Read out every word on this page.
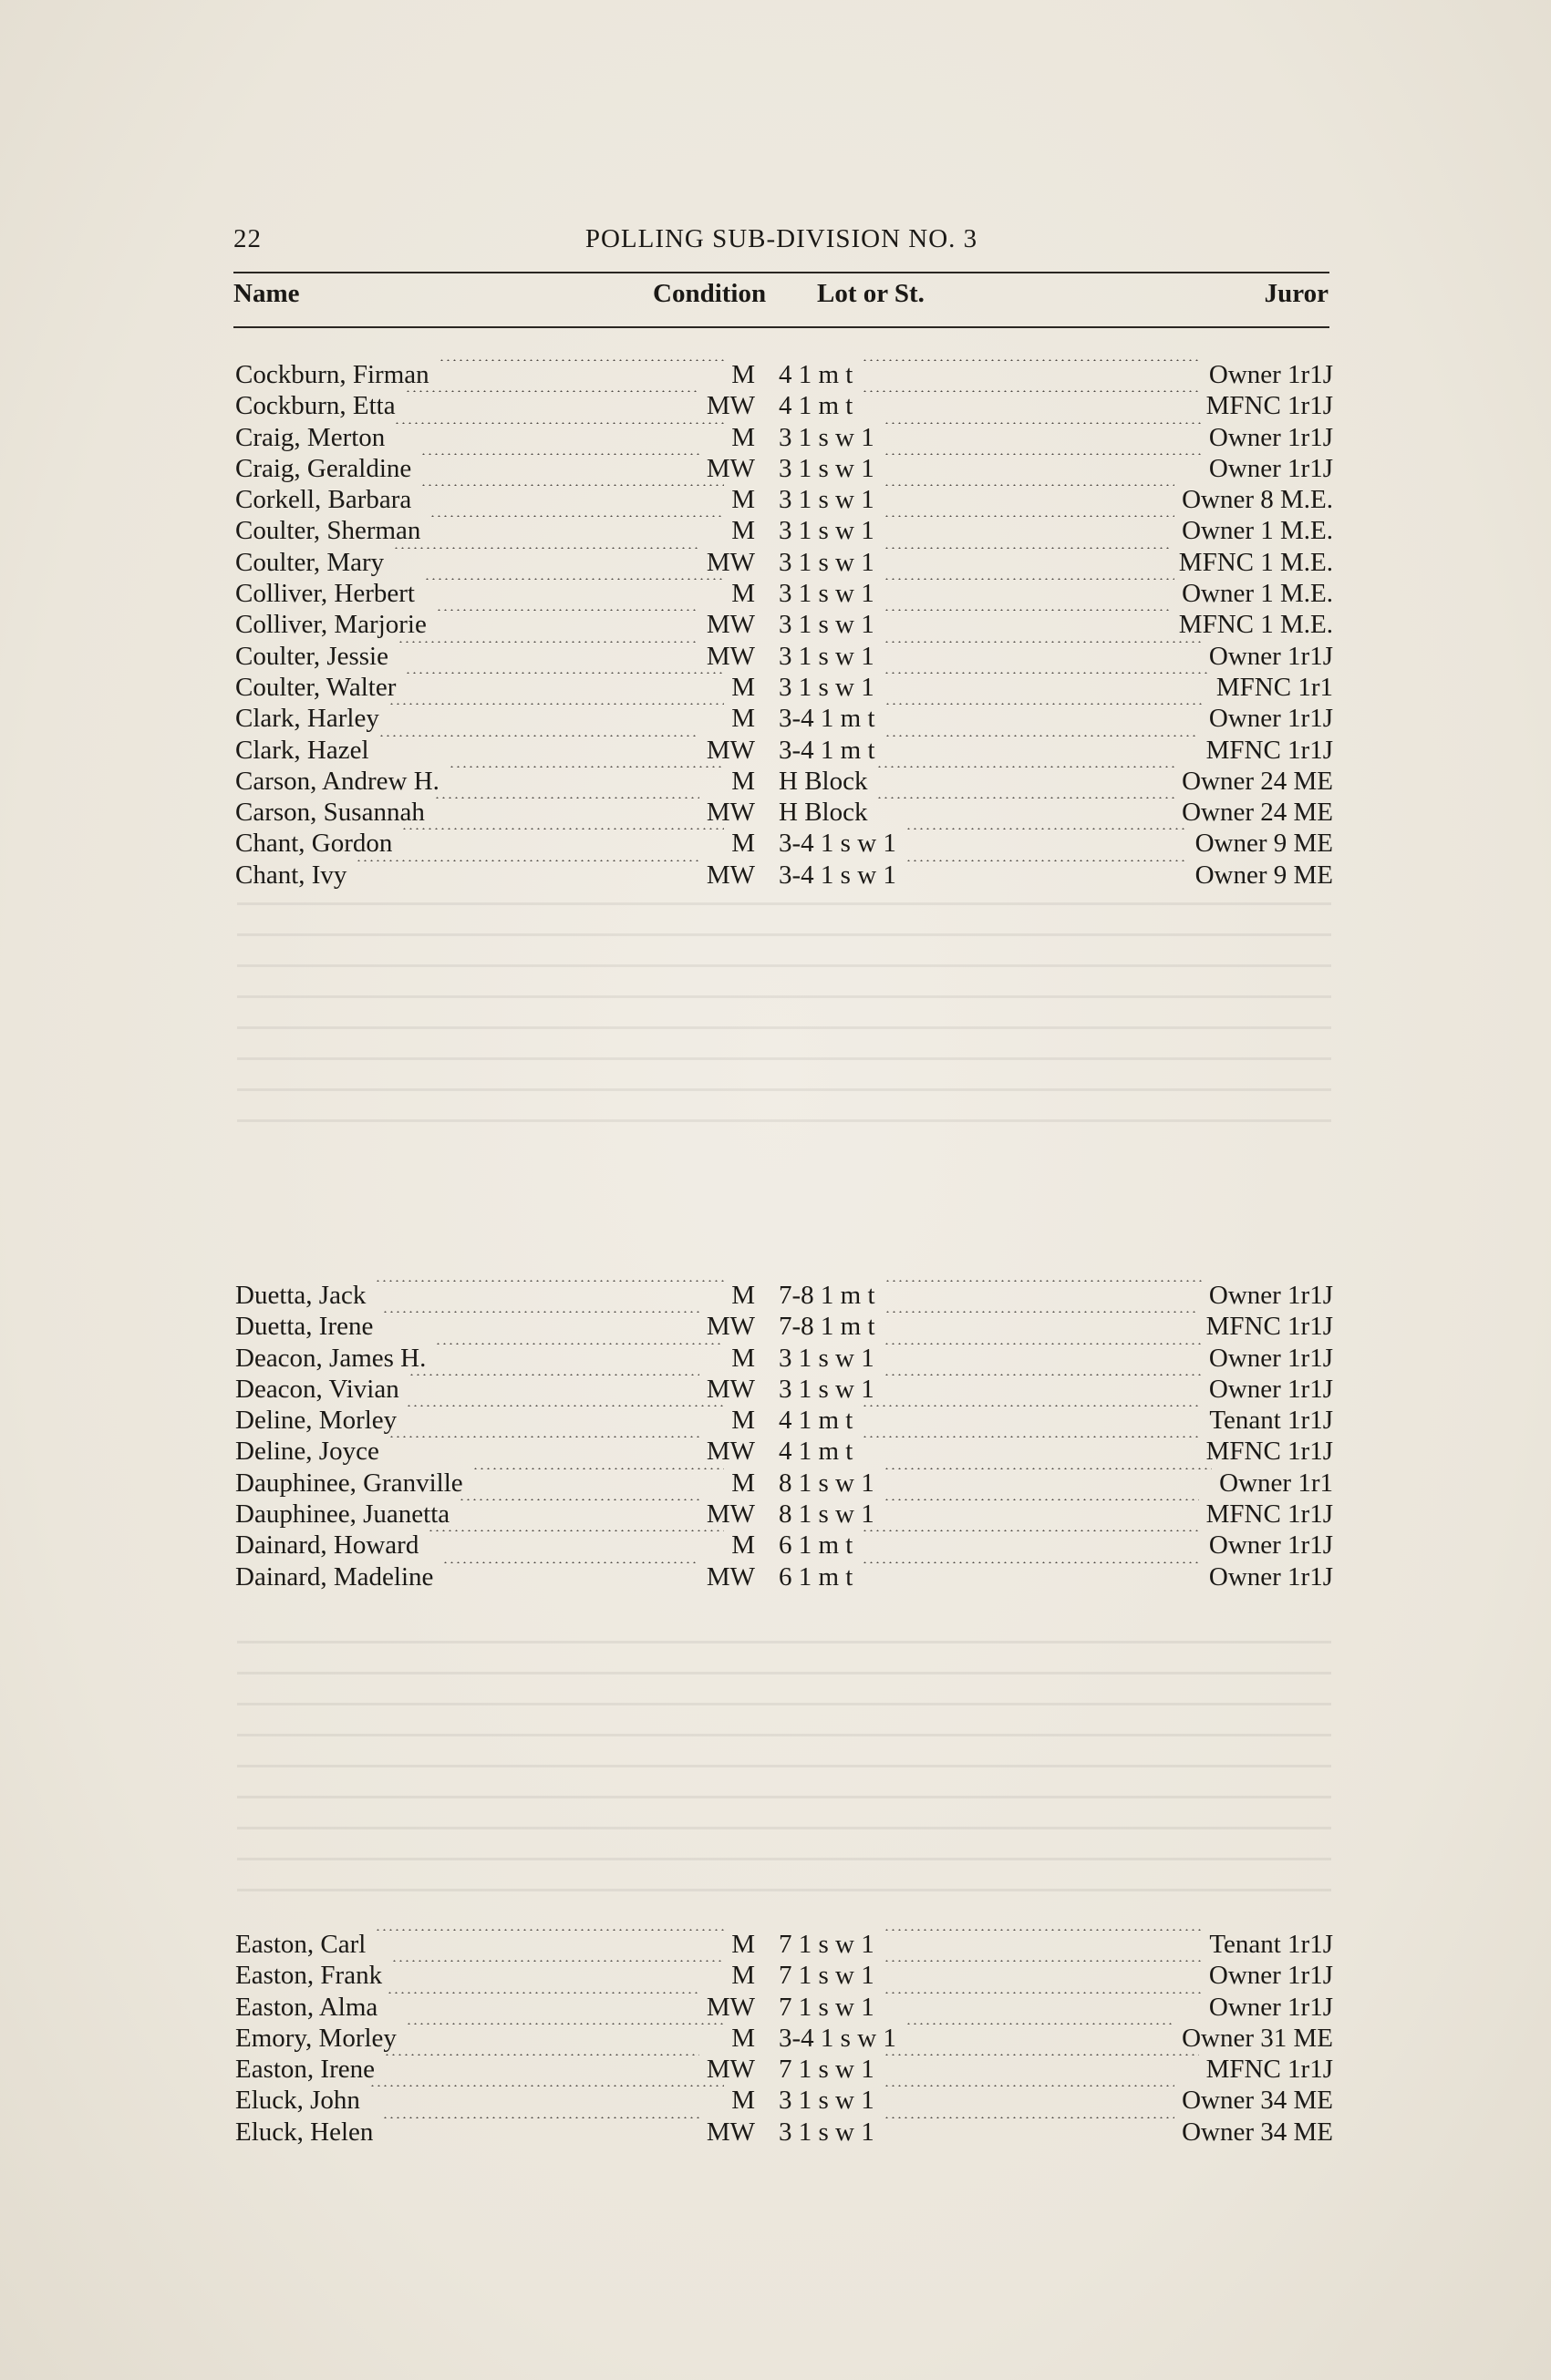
22	POLLING SUB-DIVISION NO. 3
Name	Condition Lot or St.	Juror
Cockburn, Firman	M 4 1 m t	Owner 1r1J
Cockburn, Etta	MW 4 1 m t	MFNC 1r1J
Craig, Merton	M 3 1 s w 1	Owner 1r1J
Craig, Geraldine	MW 3 1 s w 1	Owner 1r1J
Corkell, Barbara	M 3 1 s w 1	Owner 8 M.E.
Coulter, Sherman	M 3 1 s w 1	Owner 1 M.E.
Coulter, Mary	MW 3 1 s w 1	MFNC 1 M.E.
Colliver, Herbert	M 3 1 s w 1	Owner 1 M.E.
Colliver, Marjorie	MW 3 1 s w 1	MFNC 1 M.E.
Coulter, Jessie	MW 3 1 s w 1	Owner 1r1J
Coulter, Walter	M 3 1 s w 1	MFNC 1r1
Clark, Harley	M 3-4 1 m t	Owner 1r1J
Clark, Hazel	MW 3-4 1 m t	MFNC 1r1J
Carson, Andrew H.	M H Block	Owner 24 ME
Carson, Susannah	MW H Block	Owner 24 ME
Chant, Gordon	M 3-4 1 s w 1	Owner 9 ME
Chant, Ivy	MW 3-4 1 s w 1	Owner 9 ME
Duetta, Jack	M 7-8 1 m t	Owner 1r1J
Duetta, Irene	MW 7-8 1 m t	MFNC 1r1J
Deacon, James H.	M 3 1 s w 1	Owner 1r1J
Deacon, Vivian	MW 3 1 s w 1	Owner 1r1J
Deline, Morley	M 4 1 m t	Tenant 1r1J
Deline, Joyce	MW 4 1 m t	MFNC 1r1J
Dauphinee, Granville	M 8 1 s w 1	Owner 1r1
Dauphinee, Juanetta	MW 8 1 s w 1	MFNC 1r1J
Dainard, Howard	M 6 1 m t	Owner 1r1J
Dainard, Madeline	MW 6 1 m t	Owner 1r1J
Easton, Carl	M 7 1 s w 1	Tenant 1r1J
Easton, Frank	M 7 1 s w 1	Owner 1r1J
Easton, Alma	MW 7 1 s w 1	Owner 1r1J
Emory, Morley	M 3-4 1 s w 1	Owner 31 ME
Easton, Irene	MW 7 1 s w 1	MFNC 1r1J
Eluck, John	M 3 1 s w 1	Owner 34 ME
Eluck, Helen	MW 3 1 s w 1	Owner 34 ME
